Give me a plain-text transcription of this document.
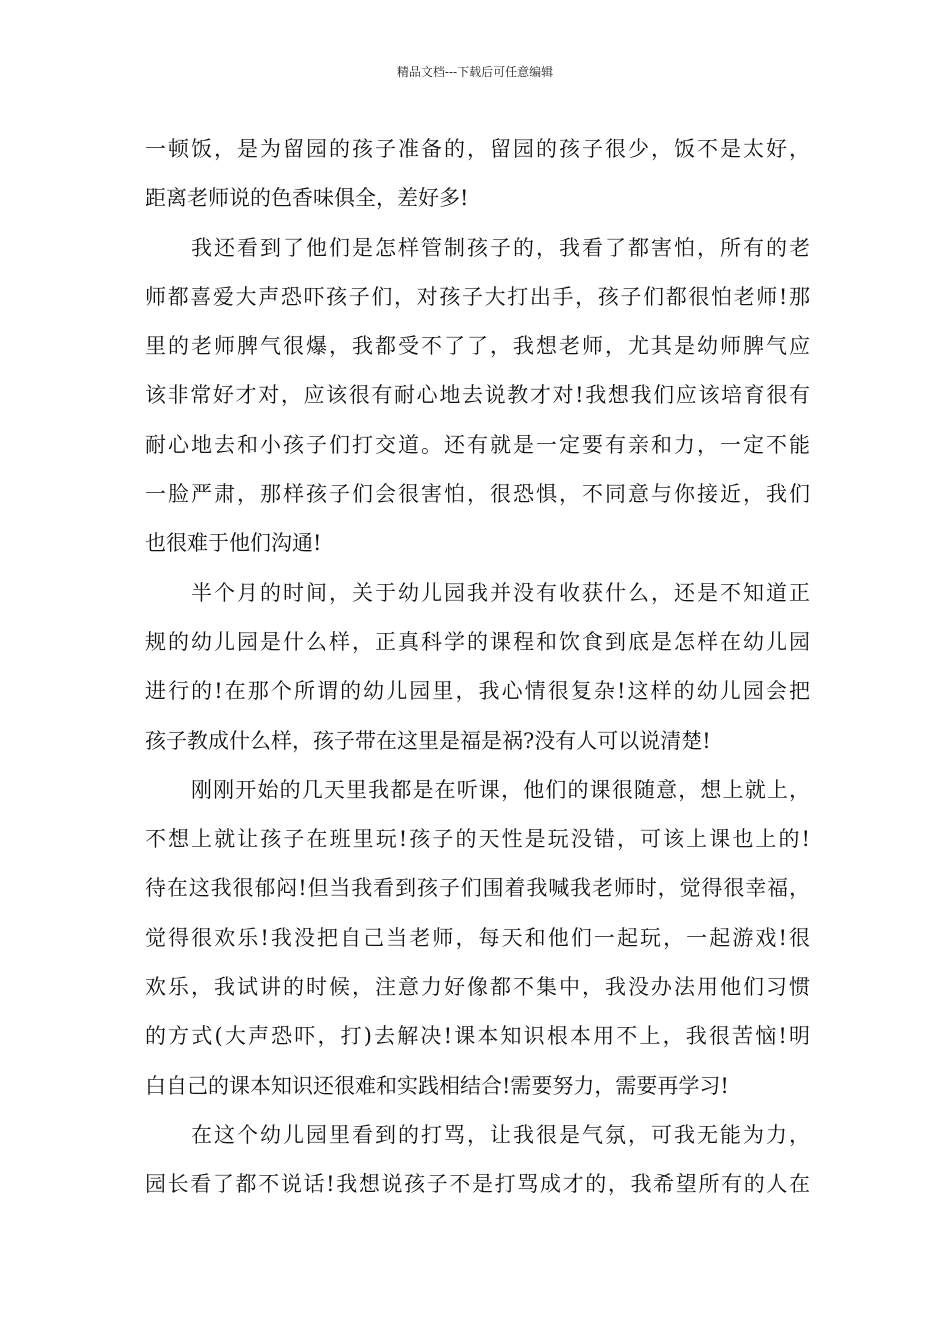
精品文档---下载后可任意编辑
一顿饭，是为留园的孩子准备的，留园的孩子很少，饭不是太好，
距离老师说的色香味俱全，差好多!
我还看到了他们是怎样管制孩子的，我看了都害怕，所有的老
师都喜爱大声恐吓孩子们，对孩子大打出手，孩子们都很怕老师!那
里的老师脾气很爆，我都受不了了，我想老师，尤其是幼师脾气应
该非常好才对，应该很有耐心地去说教才对!我想我们应该培育很有
耐心地去和小孩子们打交道。还有就是一定要有亲和力，一定不能
一脸严肃，那样孩子们会很害怕，很恐惧，不同意与你接近，我们
也很难于他们沟通!
半个月的时间，关于幼儿园我并没有收获什么，还是不知道正
规的幼儿园是什么样，正真科学的课程和饮食到底是怎样在幼儿园
进行的!在那个所谓的幼儿园里，我心情很复杂!这样的幼儿园会把
孩子教成什么样，孩子带在这里是福是祸?没有人可以说清楚!
刚刚开始的几天里我都是在听课，他们的课很随意，想上就上，
不想上就让孩子在班里玩!孩子的天性是玩没错，可该上课也上的!
待在这我很郁闷!但当我看到孩子们围着我喊我老师时，觉得很幸福，
觉得很欢乐!我没把自己当老师，每天和他们一起玩，一起游戏!很
欢乐，我试讲的时候，注意力好像都不集中，我没办法用他们习惯
的方式(大声恐吓，打)去解决!课本知识根本用不上，我很苦恼!明
白自己的课本知识还很难和实践相结合!需要努力，需要再学习!
在这个幼儿园里看到的打骂，让我很是气氛，可我无能为力，
园长看了都不说话!我想说孩子不是打骂成才的，我希望所有的人在
